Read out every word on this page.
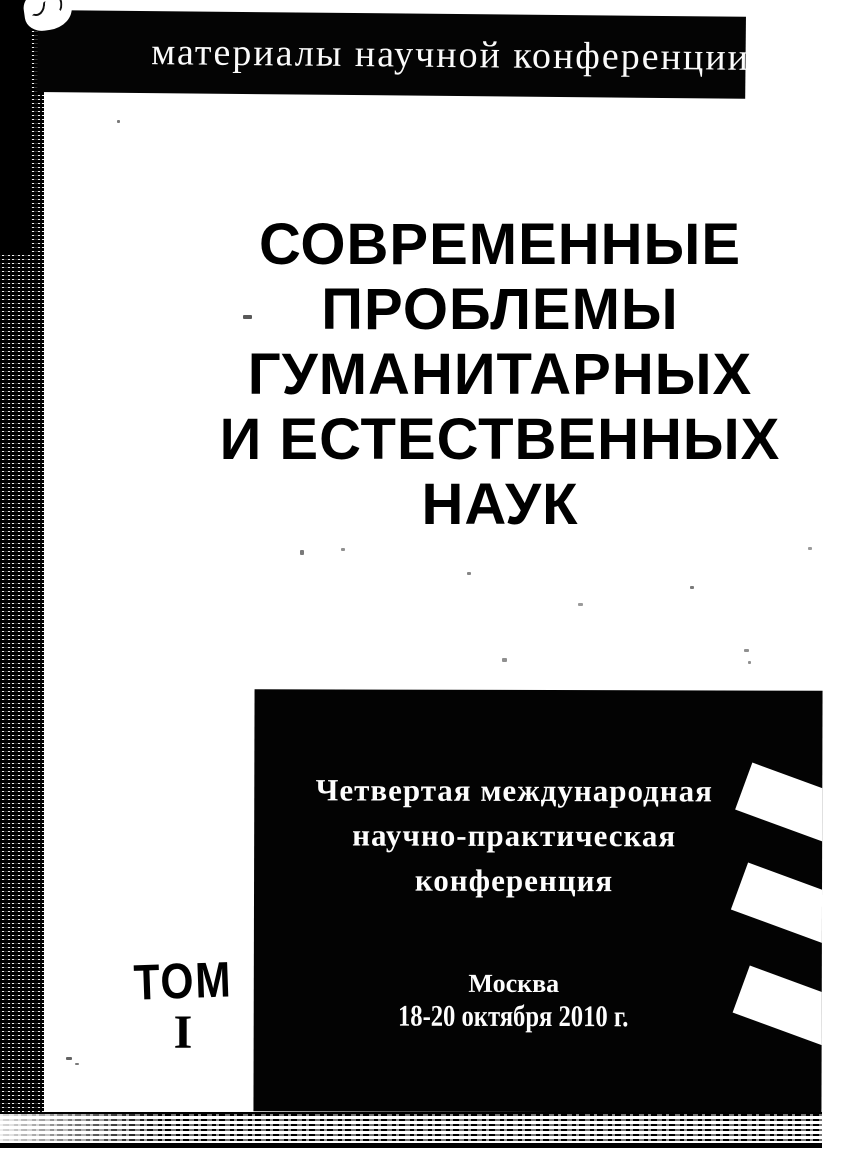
материалы научной конференции
СОВРЕМЕННЫЕ
ПРОБЛЕМЫ
ГУМАНИТАРНЫХ
И ЕСТЕСТВЕННЫХ
НАУК
Четвертая международная
научно-практическая
конференция
Москва
18-20 октября 2010 г.
ТОМ
I
